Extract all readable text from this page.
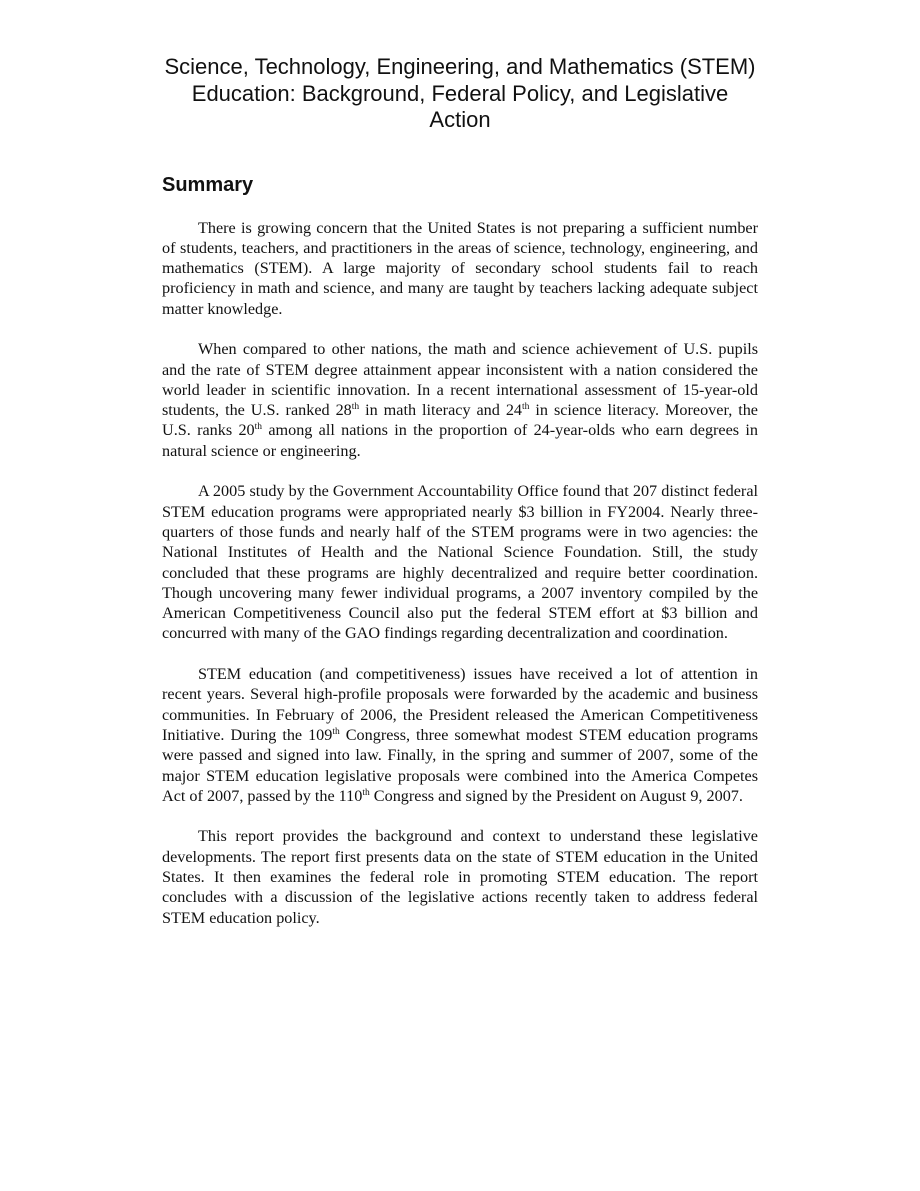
Science, Technology, Engineering, and Mathematics (STEM) Education: Background, Federal Policy, and Legislative Action
Summary

There is growing concern that the United States is not preparing a sufficient number of students, teachers, and practitioners in the areas of science, technology, engineering, and mathematics (STEM). A large majority of secondary school students fail to reach proficiency in math and science, and many are taught by teachers lacking adequate subject matter knowledge.

When compared to other nations, the math and science achievement of U.S. pupils and the rate of STEM degree attainment appear inconsistent with a nation considered the world leader in scientific innovation. In a recent international assessment of 15-year-old students, the U.S. ranked 28th in math literacy and 24th in science literacy. Moreover, the U.S. ranks 20th among all nations in the proportion of 24-year-olds who earn degrees in natural science or engineering.

A 2005 study by the Government Accountability Office found that 207 distinct federal STEM education programs were appropriated nearly $3 billion in FY2004. Nearly three-quarters of those funds and nearly half of the STEM programs were in two agencies: the National Institutes of Health and the National Science Foundation. Still, the study concluded that these programs are highly decentralized and require better coordination. Though uncovering many fewer individual programs, a 2007 inventory compiled by the American Competitiveness Council also put the federal STEM effort at $3 billion and concurred with many of the GAO findings regarding decentralization and coordination.

STEM education (and competitiveness) issues have received a lot of attention in recent years. Several high-profile proposals were forwarded by the academic and business communities. In February of 2006, the President released the American Competitiveness Initiative. During the 109th Congress, three somewhat modest STEM education programs were passed and signed into law. Finally, in the spring and summer of 2007, some of the major STEM education legislative proposals were combined into the America Competes Act of 2007, passed by the 110th Congress and signed by the President on August 9, 2007.

This report provides the background and context to understand these legislative developments. The report first presents data on the state of STEM education in the United States. It then examines the federal role in promoting STEM education. The report concludes with a discussion of the legislative actions recently taken to address federal STEM education policy.
